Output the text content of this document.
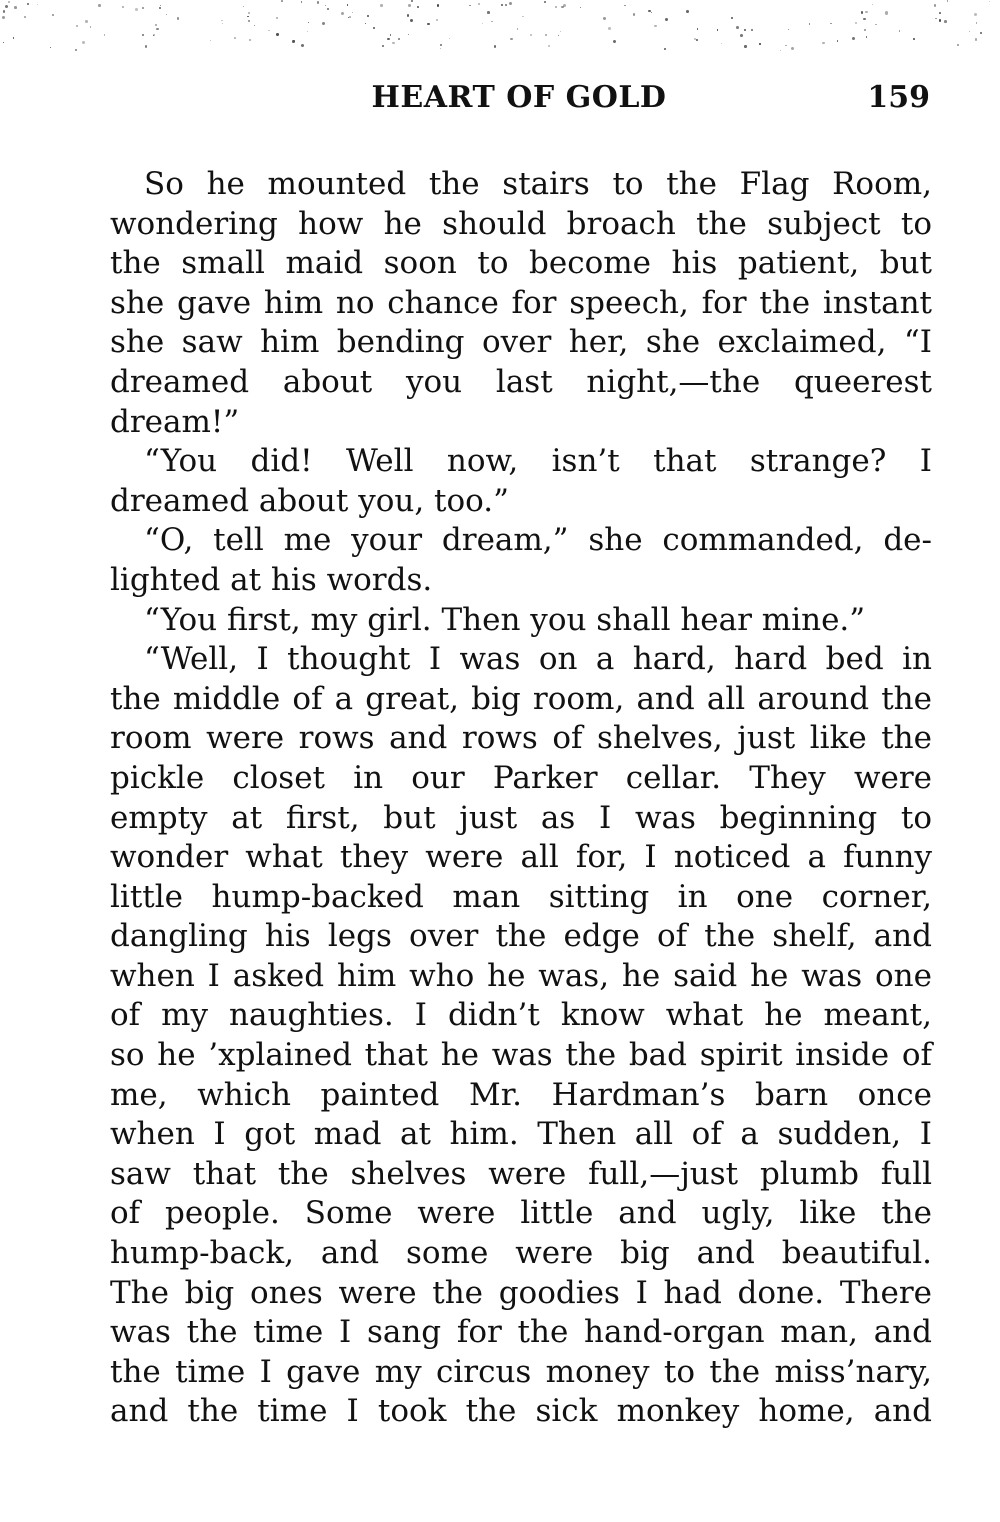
HEART OF GOLD	159
So he mounted the stairs to the Flag Room,
wondering how he should broach the subject to
the small maid soon to become his patient, but
she gave him no chance for speech, for the instant
she saw him bending over her, she exclaimed, “I
dreamed about you last night,—the queerest
dream!”
“You did! Well now, isn’t that strange? I
dreamed about you, too.”
“O, tell me your dream,” she commanded, de-
lighted at his words.
“You first, my girl. Then you shall hear mine.”
“Well, I thought I was on a hard, hard bed in
the middle of a great, big room, and all around the
room were rows and rows of shelves, just like the
pickle closet in our Parker cellar. They were
empty at first, but just as I was beginning to
wonder what they were all for, I noticed a funny
little hump-backed man sitting in one corner,
dangling his legs over the edge of the shelf, and
when I asked him who he was, he said he was one
of my naughties. I didn’t know what he meant,
so he ’xplained that he was the bad spirit inside of
me, which painted Mr. Hardman’s barn once
when I got mad at him. Then all of a sudden, I
saw that the shelves were full,—just plumb full
of people. Some were little and ugly, like the
hump-back, and some were big and beautiful.
The big ones were the goodies I had done. There
was the time I sang for the hand-organ man, and
the time I gave my circus money to the miss’nary,
and the time I took the sick monkey home, and
